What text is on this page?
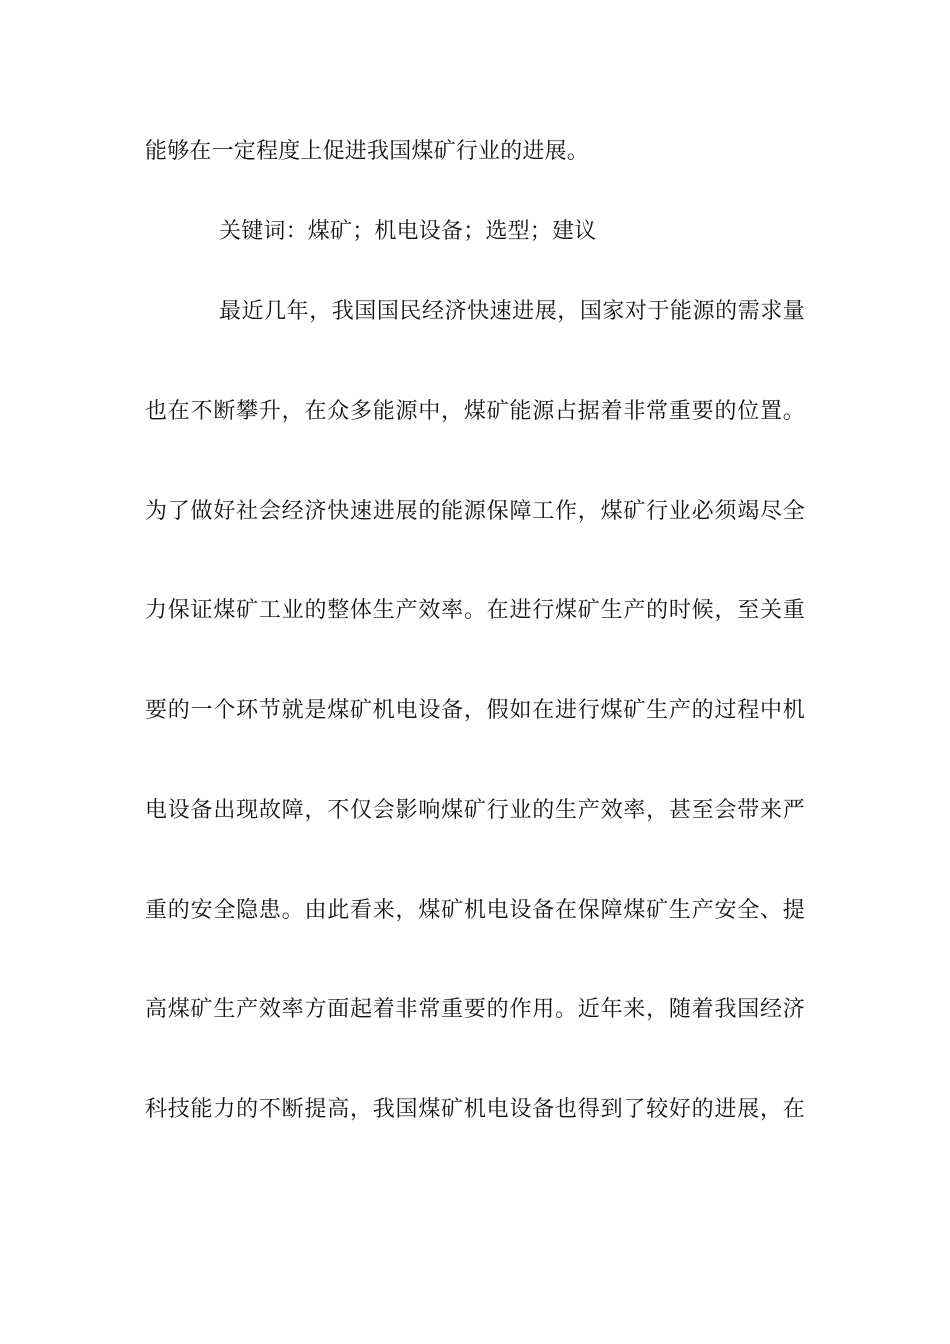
能够在一定程度上促进我国煤矿行业的进展。
关键词：煤矿；机电设备；选型；建议
最近几年，我国国民经济快速进展，国家对于能源的需求量
也在不断攀升，在众多能源中，煤矿能源占据着非常重要的位置。
为了做好社会经济快速进展的能源保障工作，煤矿行业必须竭尽全
力保证煤矿工业的整体生产效率。在进行煤矿生产的时候，至关重
要的一个环节就是煤矿机电设备，假如在进行煤矿生产的过程中机
电设备出现故障，不仅会影响煤矿行业的生产效率，甚至会带来严
重的安全隐患。由此看来，煤矿机电设备在保障煤矿生产安全、提
高煤矿生产效率方面起着非常重要的作用。近年来，随着我国经济
科技能力的不断提高，我国煤矿机电设备也得到了较好的进展，在
